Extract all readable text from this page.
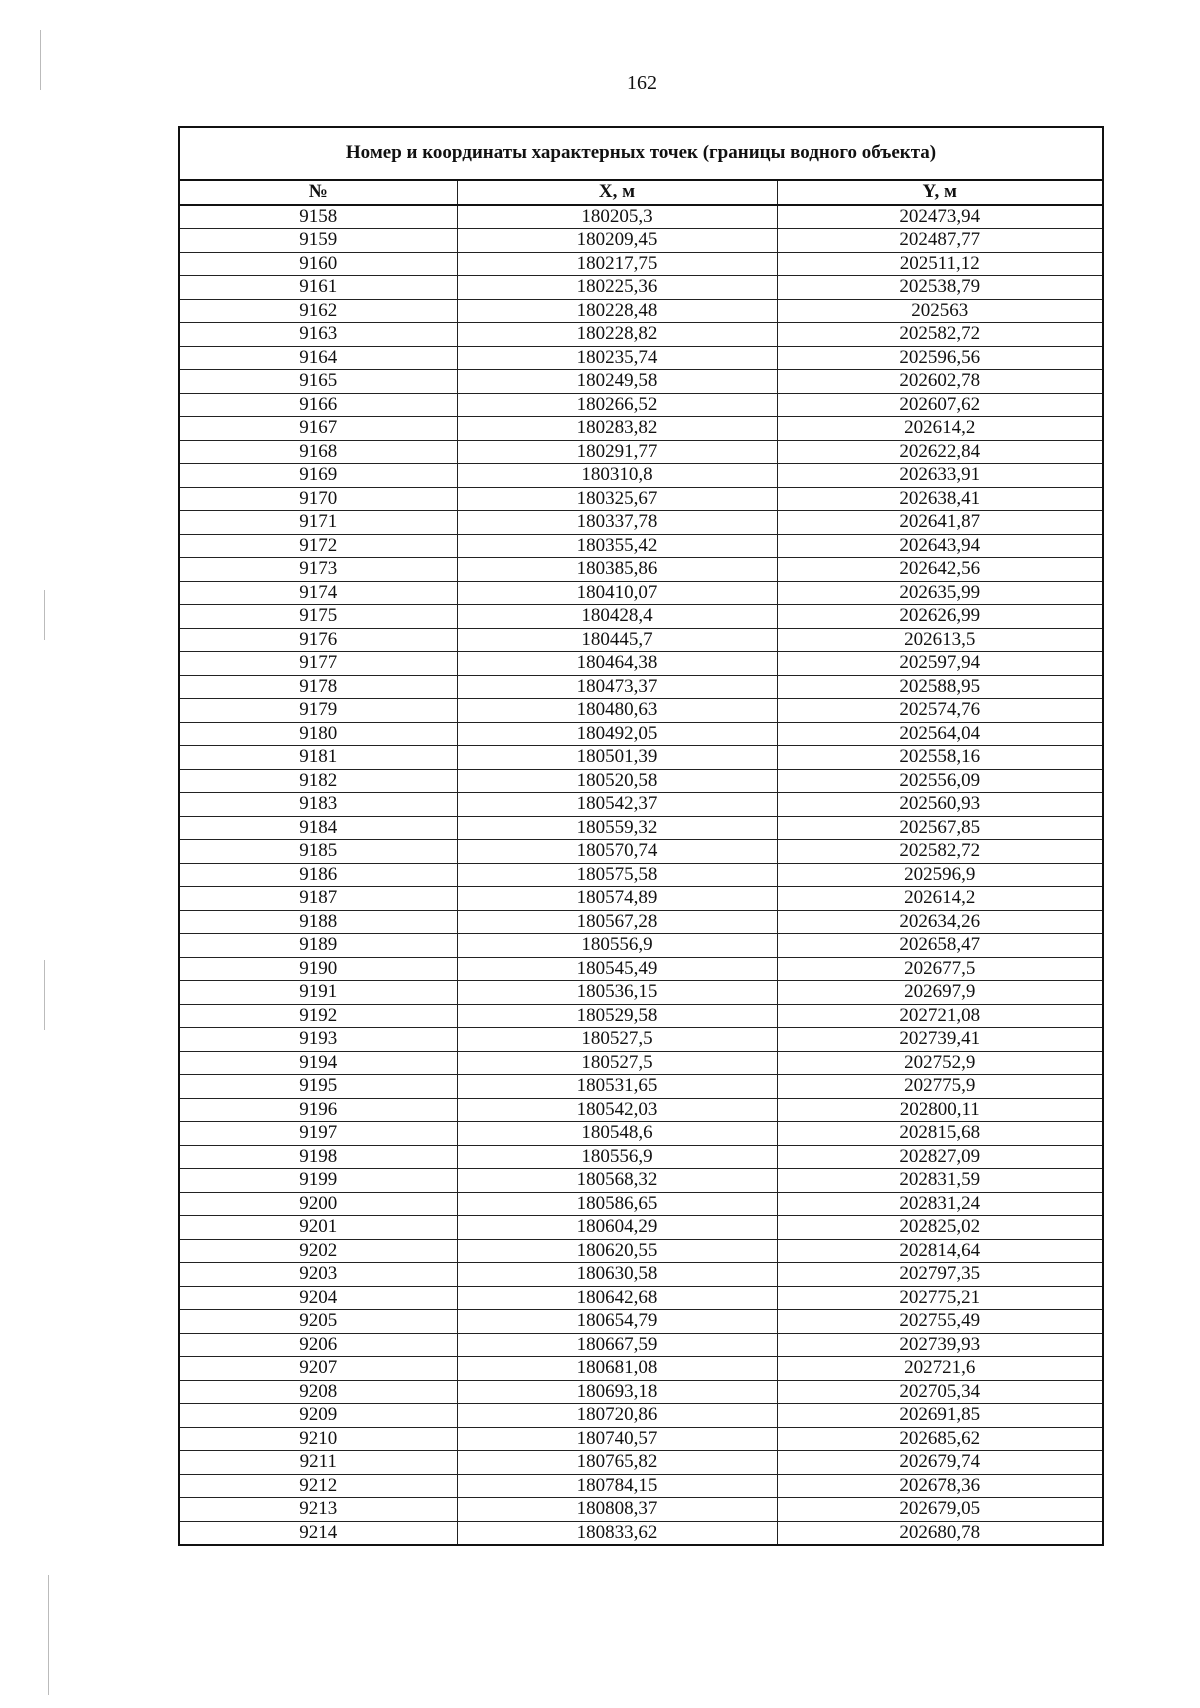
162
Номер и координаты характерных точек (границы водного объекта)		
№	X, м	Y, м
9158	180205,3	202473,94
9159	180209,45	202487,77
9160	180217,75	202511,12
9161	180225,36	202538,79
9162	180228,48	202563
9163	180228,82	202582,72
9164	180235,74	202596,56
9165	180249,58	202602,78
9166	180266,52	202607,62
9167	180283,82	202614,2
9168	180291,77	202622,84
9169	180310,8	202633,91
9170	180325,67	202638,41
9171	180337,78	202641,87
9172	180355,42	202643,94
9173	180385,86	202642,56
9174	180410,07	202635,99
9175	180428,4	202626,99
9176	180445,7	202613,5
9177	180464,38	202597,94
9178	180473,37	202588,95
9179	180480,63	202574,76
9180	180492,05	202564,04
9181	180501,39	202558,16
9182	180520,58	202556,09
9183	180542,37	202560,93
9184	180559,32	202567,85
9185	180570,74	202582,72
9186	180575,58	202596,9
9187	180574,89	202614,2
9188	180567,28	202634,26
9189	180556,9	202658,47
9190	180545,49	202677,5
9191	180536,15	202697,9
9192	180529,58	202721,08
9193	180527,5	202739,41
9194	180527,5	202752,9
9195	180531,65	202775,9
9196	180542,03	202800,11
9197	180548,6	202815,68
9198	180556,9	202827,09
9199	180568,32	202831,59
9200	180586,65	202831,24
9201	180604,29	202825,02
9202	180620,55	202814,64
9203	180630,58	202797,35
9204	180642,68	202775,21
9205	180654,79	202755,49
9206	180667,59	202739,93
9207	180681,08	202721,6
9208	180693,18	202705,34
9209	180720,86	202691,85
9210	180740,57	202685,62
9211	180765,82	202679,74
9212	180784,15	202678,36
9213	180808,37	202679,05
9214	180833,62	202680,78
